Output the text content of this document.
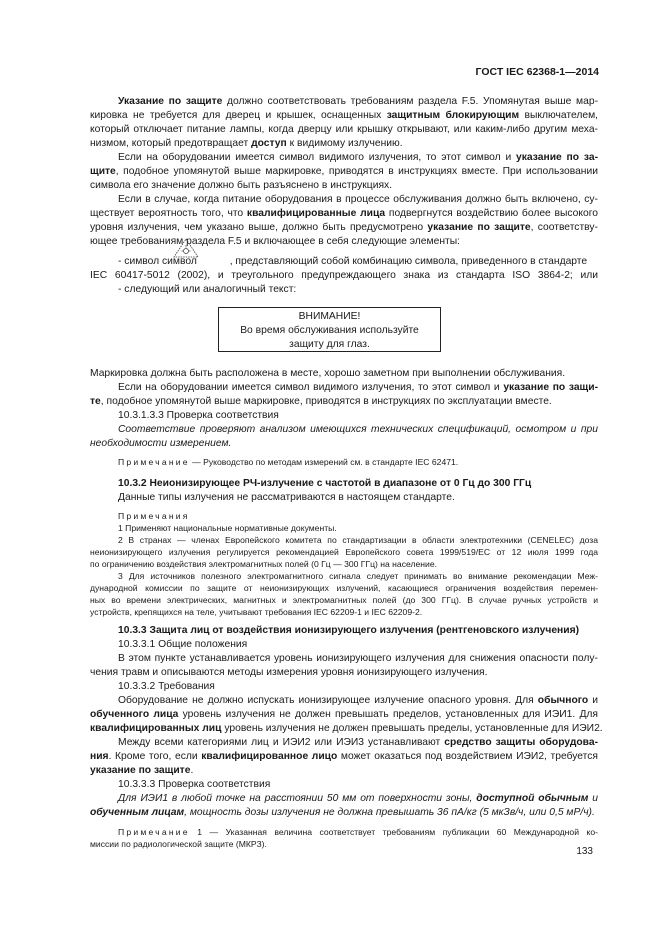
ГОСТ IEC 62368-1—2014
Указание по защите должно соответствовать требованиям раздела F.5. Упомянутая выше мар-
кировка не требуется для дверец и крышек, оснащенных защитным блокирующим выключателем,
который отключает питание лампы, когда дверцу или крышку открывают, или каким-либо другим меха-
низмом, который предотвращает доступ к видимому излучению.
Если на оборудовании имеется символ видимого излучения, то этот символ и указание по за-
щите, подобное упомянутой выше маркировке, приводятся в инструкциях вместе. При использовании
символа его значение должно быть разъяснено в инструкциях.
Если в случае, когда питание оборудования в процессе обслуживания должно быть включено, су-
ществует вероятность того, что квалифицированные лица подвергнутся воздействию более высокого
уровня излучения, чем указано выше, должно быть предусмотрено указание по защите, соответству-
ющее требованиям раздела F.5 и включающее в себя следующие элементы:
- символ символ	, представляющий собой комбинацию символа, приведенного в стандарте
IEC 60417-5012 (2002), и треугольного предупреждающего знака из стандарта ISO 3864-2; или
- следующий или аналогичный текст:
ВНИМАНИЕ!
Во время обслуживания используйте
защиту для глаз.
Маркировка должна быть расположена в месте, хорошо заметном при выполнении обслуживания.
Если на оборудовании имеется символ видимого излучения, то этот символ и указание по защи-
те, подобное упомянутой выше маркировке, приводятся в инструкциях по эксплуатации вместе.
10.3.1.3.3 Проверка соответствия
Соответствие проверяют анализом имеющихся технических спецификаций, осмотром и при
необходимости измерением.
Примечание — Руководство по методам измерений см. в стандарте IEC 62471.
10.3.2 Неионизирующее РЧ-излучение с частотой в диапазоне от 0 Гц до 300 ГГц
Данные типы излучения не рассматриваются в настоящем стандарте.
Примечания
1 Применяют национальные нормативные документы.
2 В странах — членах Европейского комитета по стандартизации в области электротехники (CENELEC) доза
неионизирующего излучения регулируется рекомендацией Европейского совета 1999/519/EC от 12 июля 1999 года
по ограничению воздействия электромагнитных полей (0 Гц — 300 ГГц) на население.
3 Для источников полезного электромагнитного сигнала следует принимать во внимание рекомендации Меж-
дународной комиссии по защите от неионизирующих излучений, касающиеся ограничения воздействия перемен-
ных во времени электрических, магнитных и электромагнитных полей (до 300 ГГц). В случае ручных устройств и
устройств, крепящихся на теле, учитывают требования IEC 62209-1 и IEC 62209-2.
10.3.3 Защита лиц от воздействия ионизирующего излучения (рентгеновского излучения)
10.3.3.1 Общие положения
В этом пункте устанавливается уровень ионизирующего излучения для снижения опасности полу-
чения травм и описываются методы измерения уровня ионизирующего излучения.
10.3.3.2 Требования
Оборудование не должно испускать ионизирующее излучение опасного уровня. Для обычного и
обученного лица уровень излучения не должен превышать пределов, установленных для ИЭИ1. Для
квалифицированных лиц уровень излучения не должен превышать пределы, установленные для ИЭИ2.
Между всеми категориями лиц и ИЭИ2 или ИЭИ3 устанавливают средство защиты оборудова-
ния. Кроме того, если квалифицированное лицо может оказаться под воздействием ИЭИ2, требуется
указание по защите.
10.3.3.3 Проверка соответствия
Для ИЭИ1 в любой точке на расстоянии 50 мм от поверхности зоны, доступной обычным и
обученным лицам, мощность дозы излучения не должна превышать 36 пА/кг (5 мкЗв/ч, или 0,5 мР/ч).
Примечание 1 — Указанная величина соответствует требованиям публикации 60 Международной ко-
миссии по радиологической защите (МКРЗ).
133
